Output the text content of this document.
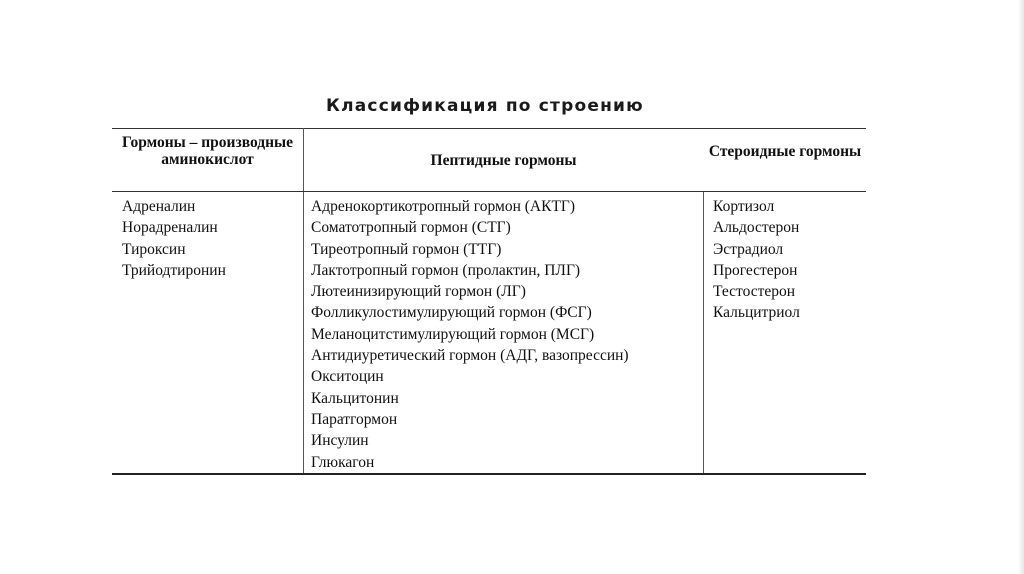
Классификация по строению
Гормоны – производные аминокислот	Пептидные гормоны
Стероидные гормоны
Адреналин
Норадреналин
Тироксин
Трийодтиронин
Адренокортикотропный гормон (АКТГ)
Соматотропный гормон (СТГ)
Тиреотропный гормон (ТТГ)
Лактотропный гормон (пролактин, ПЛГ)
Лютеинизирующий гормон (ЛГ)
Фолликулостимулирующий гормон (ФСГ)
Меланоцитстимулирующий гормон (МСГ)
Антидиуретический гормон (АДГ, вазопрессин)
Окситоцин
Кальцитонин
Паратгормон
Инсулин
Глюкагон
Кортизол
Альдостерон
Эстрадиол
Прогестерон
Тестостерон
Кальцитриол
